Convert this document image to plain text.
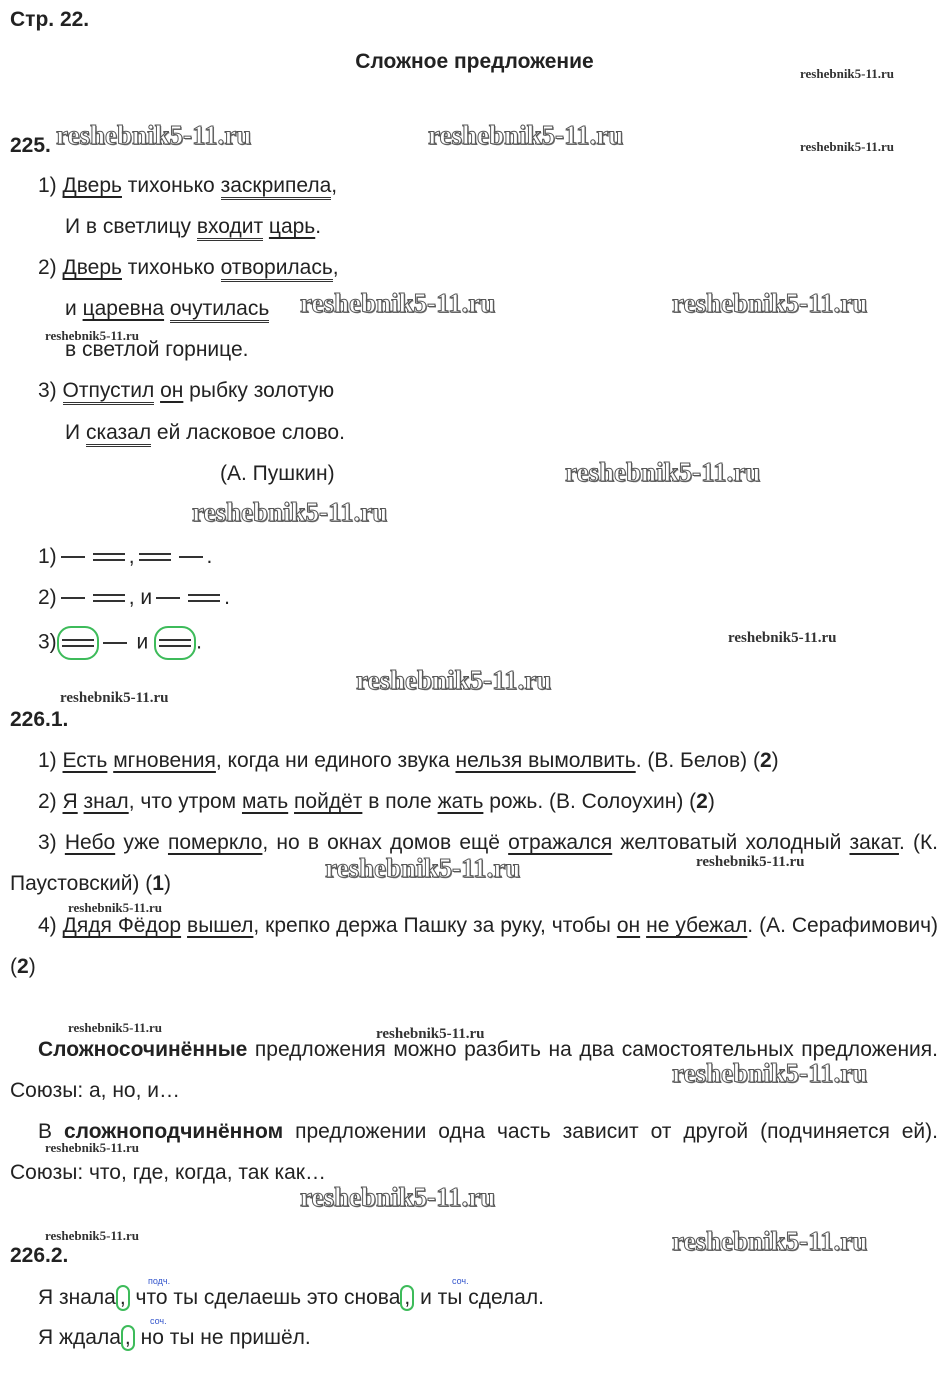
Стр. 22.
Сложное предложение
reshebnik5-11.ru
reshebnik5-11.ru	reshebnik5-11.ru	reshebnik5-11.ru
reshebnik5-11.ru	reshebnik5-11.ru
reshebnik5-11.ru
reshebnik5-11.ru
reshebnik5-11.ru
reshebnik5-11.ru
reshebnik5-11.ru
reshebnik5-11.ru
reshebnik5-11.ru	reshebnik5-11.ru
reshebnik5-11.ru
reshebnik5-11.ru	reshebnik5-11.ru
reshebnik5-11.ru
reshebnik5-11.ru
reshebnik5-11.ru
reshebnik5-11.ru	reshebnik5-11.ru
225.
1) Дверь тихонько заскрипела,
И в светлицу входит царь.
2) Дверь тихонько отворилась,
и царевна очутилась
в светлой горнице.
3) Отпустил он рыбку золотую
И сказал ей ласковое слово.
(А. Пушкин)
1)	,	.
2)	, и	.
3)	и .
226.1.
1) Есть мгновения, когда ни единого звука нельзя вымолвить. (В. Белов) (2)
2) Я знал, что утром мать пойдёт в поле жать рожь. (В. Солоухин) (2)
3) Небо уже померкло, но в окнах домов ещё отражался желтоватый холодный закат. (К. Паустовский) (1)
4) Дядя Фёдор вышел, крепко держа Пашку за руку, чтобы он не убежал. (А. Серафимович) (2)
Сложносочинённые предложения можно разбить на два самостоятельных предложения. Союзы: а, но, и…
В сложноподчинённом предложении одна часть зависит от другой (подчиняется ей). Союзы: что, где, когда, так как…
226.2.
подч.	соч.
Я знала , что ты сделаешь это снова , и ты сделал.
соч.
Я ждала , но ты не пришёл.
